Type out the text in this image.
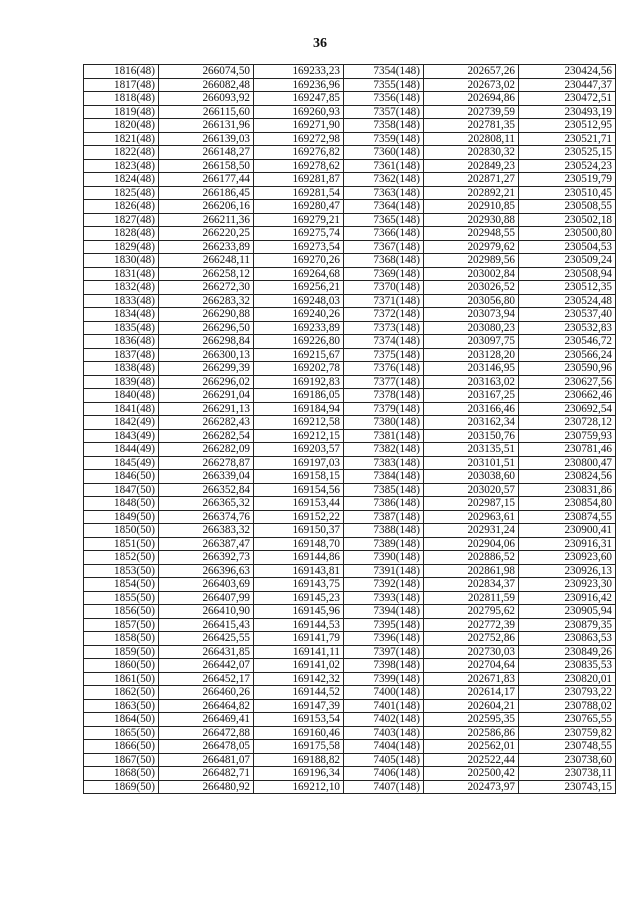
36
1816(48)	266074,50	169233,23	7354(148)	202657,26	230424,56
1817(48)	266082,48	169236,96	7355(148)	202673,02	230447,37
1818(48)	266093,92	169247,85	7356(148)	202694,86	230472,51
1819(48)	266115,60	169260,93	7357(148)	202739,59	230493,19
1820(48)	266131,96	169271,90	7358(148)	202781,35	230512,95
1821(48)	266139,03	169272,98	7359(148)	202808,11	230521,71
1822(48)	266148,27	169276,82	7360(148)	202830,32	230525,15
1823(48)	266158,50	169278,62	7361(148)	202849,23	230524,23
1824(48)	266177,44	169281,87	7362(148)	202871,27	230519,79
1825(48)	266186,45	169281,54	7363(148)	202892,21	230510,45
1826(48)	266206,16	169280,47	7364(148)	202910,85	230508,55
1827(48)	266211,36	169279,21	7365(148)	202930,88	230502,18
1828(48)	266220,25	169275,74	7366(148)	202948,55	230500,80
1829(48)	266233,89	169273,54	7367(148)	202979,62	230504,53
1830(48)	266248,11	169270,26	7368(148)	202989,56	230509,24
1831(48)	266258,12	169264,68	7369(148)	203002,84	230508,94
1832(48)	266272,30	169256,21	7370(148)	203026,52	230512,35
1833(48)	266283,32	169248,03	7371(148)	203056,80	230524,48
1834(48)	266290,88	169240,26	7372(148)	203073,94	230537,40
1835(48)	266296,50	169233,89	7373(148)	203080,23	230532,83
1836(48)	266298,84	169226,80	7374(148)	203097,75	230546,72
1837(48)	266300,13	169215,67	7375(148)	203128,20	230566,24
1838(48)	266299,39	169202,78	7376(148)	203146,95	230590,96
1839(48)	266296,02	169192,83	7377(148)	203163,02	230627,56
1840(48)	266291,04	169186,05	7378(148)	203167,25	230662,46
1841(48)	266291,13	169184,94	7379(148)	203166,46	230692,54
1842(49)	266282,43	169212,58	7380(148)	203162,34	230728,12
1843(49)	266282,54	169212,15	7381(148)	203150,76	230759,93
1844(49)	266282,09	169203,57	7382(148)	203135,51	230781,46
1845(49)	266278,87	169197,03	7383(148)	203101,51	230800,47
1846(50)	266339,04	169158,15	7384(148)	203038,60	230824,56
1847(50)	266352,84	169154,56	7385(148)	203020,57	230831,86
1848(50)	266365,32	169153,44	7386(148)	202987,15	230854,80
1849(50)	266374,76	169152,22	7387(148)	202963,61	230874,55
1850(50)	266383,32	169150,37	7388(148)	202931,24	230900,41
1851(50)	266387,47	169148,70	7389(148)	202904,06	230916,31
1852(50)	266392,73	169144,86	7390(148)	202886,52	230923,60
1853(50)	266396,63	169143,81	7391(148)	202861,98	230926,13
1854(50)	266403,69	169143,75	7392(148)	202834,37	230923,30
1855(50)	266407,99	169145,23	7393(148)	202811,59	230916,42
1856(50)	266410,90	169145,96	7394(148)	202795,62	230905,94
1857(50)	266415,43	169144,53	7395(148)	202772,39	230879,35
1858(50)	266425,55	169141,79	7396(148)	202752,86	230863,53
1859(50)	266431,85	169141,11	7397(148)	202730,03	230849,26
1860(50)	266442,07	169141,02	7398(148)	202704,64	230835,53
1861(50)	266452,17	169142,32	7399(148)	202671,83	230820,01
1862(50)	266460,26	169144,52	7400(148)	202614,17	230793,22
1863(50)	266464,82	169147,39	7401(148)	202604,21	230788,02
1864(50)	266469,41	169153,54	7402(148)	202595,35	230765,55
1865(50)	266472,88	169160,46	7403(148)	202586,86	230759,82
1866(50)	266478,05	169175,58	7404(148)	202562,01	230748,55
1867(50)	266481,07	169188,82	7405(148)	202522,44	230738,60
1868(50)	266482,71	169196,34	7406(148)	202500,42	230738,11
1869(50)	266480,92	169212,10	7407(148)	202473,97	230743,15
